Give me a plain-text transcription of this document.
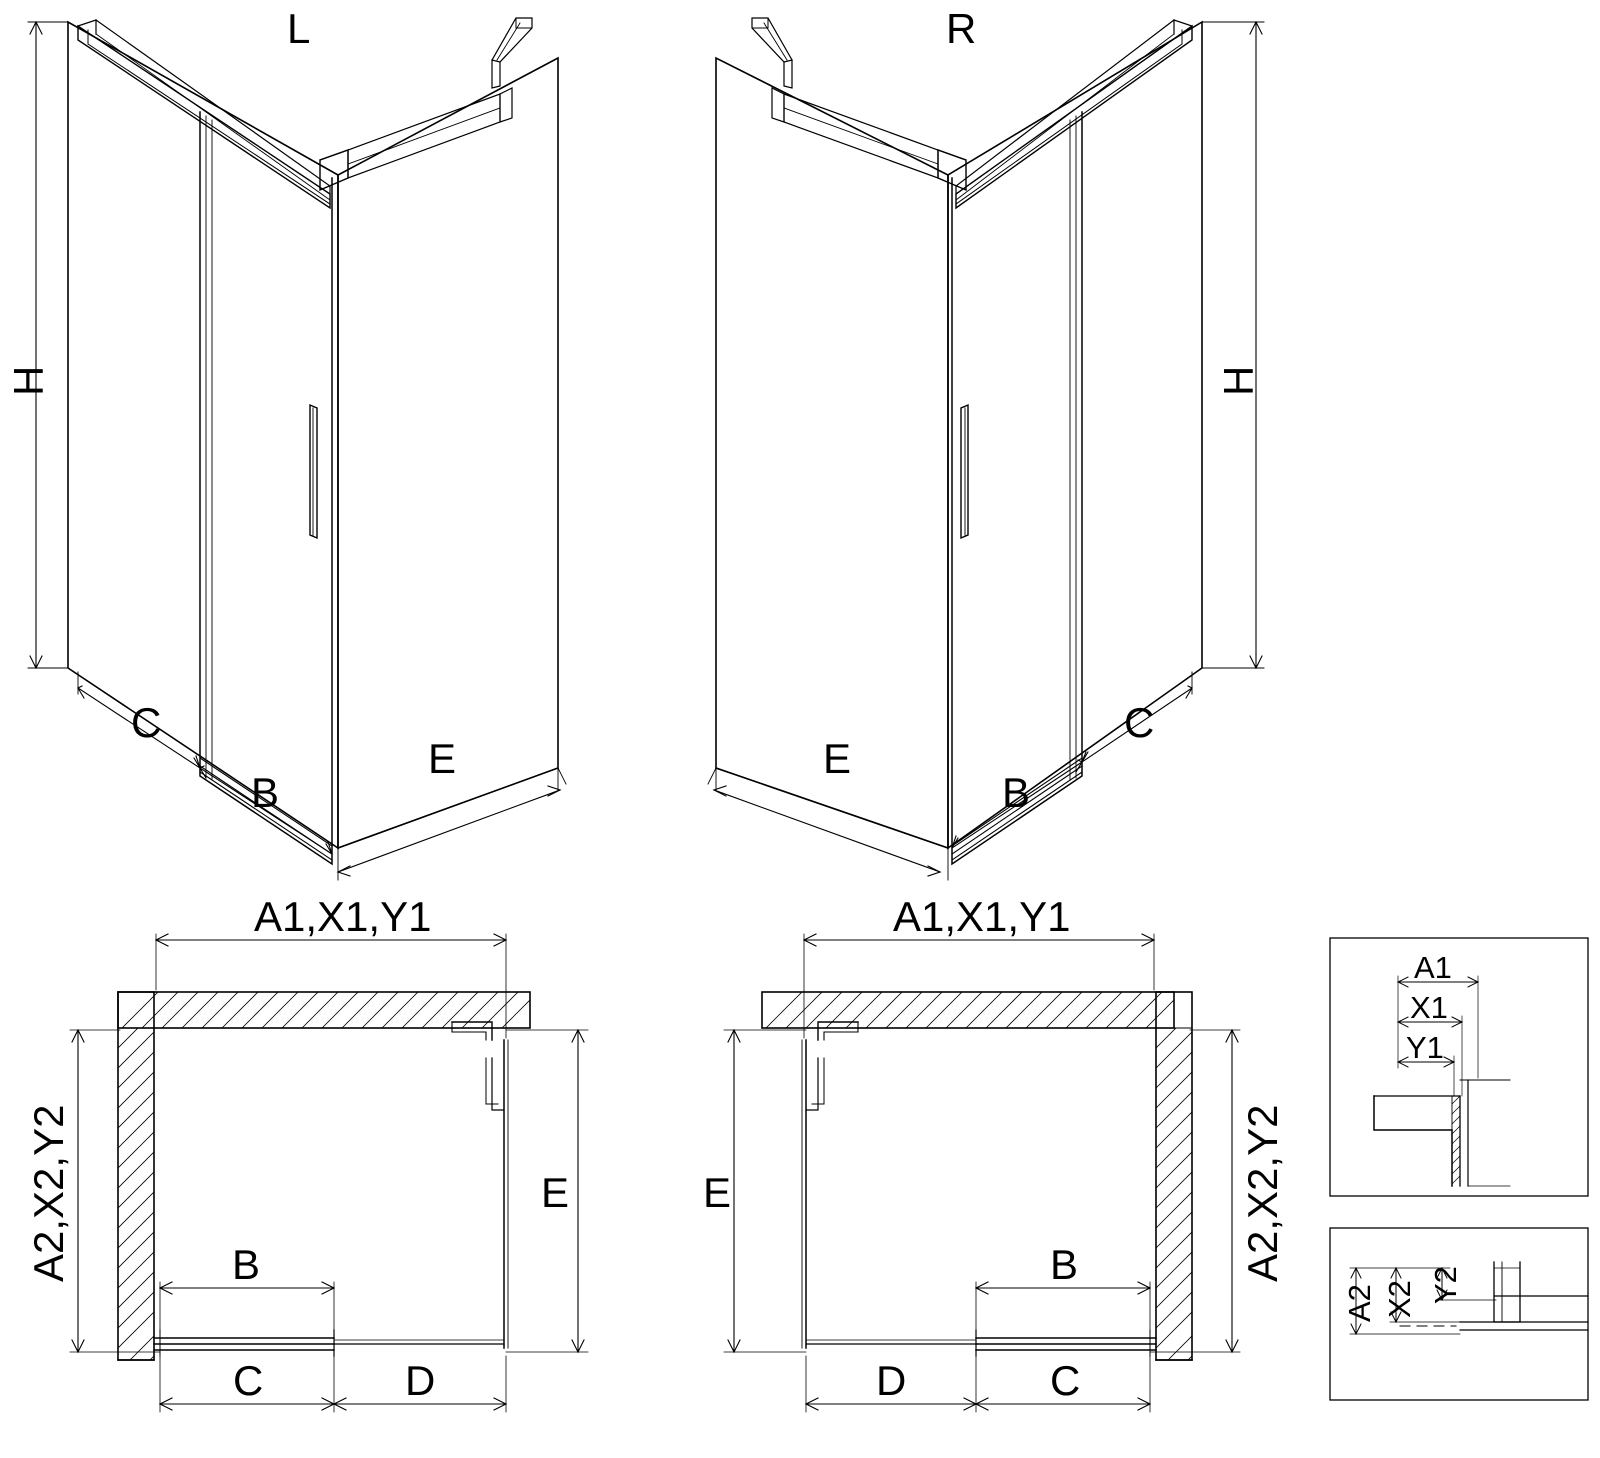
L
H
C
B
E
R
H
C
B
E
A1,X1,Y1
A2,X2,Y2	E
B
C	D
A1,X1,Y1
A2,X2,Y2
E
B
C
D
A1
X1
Y1
A2 X2 Y2
